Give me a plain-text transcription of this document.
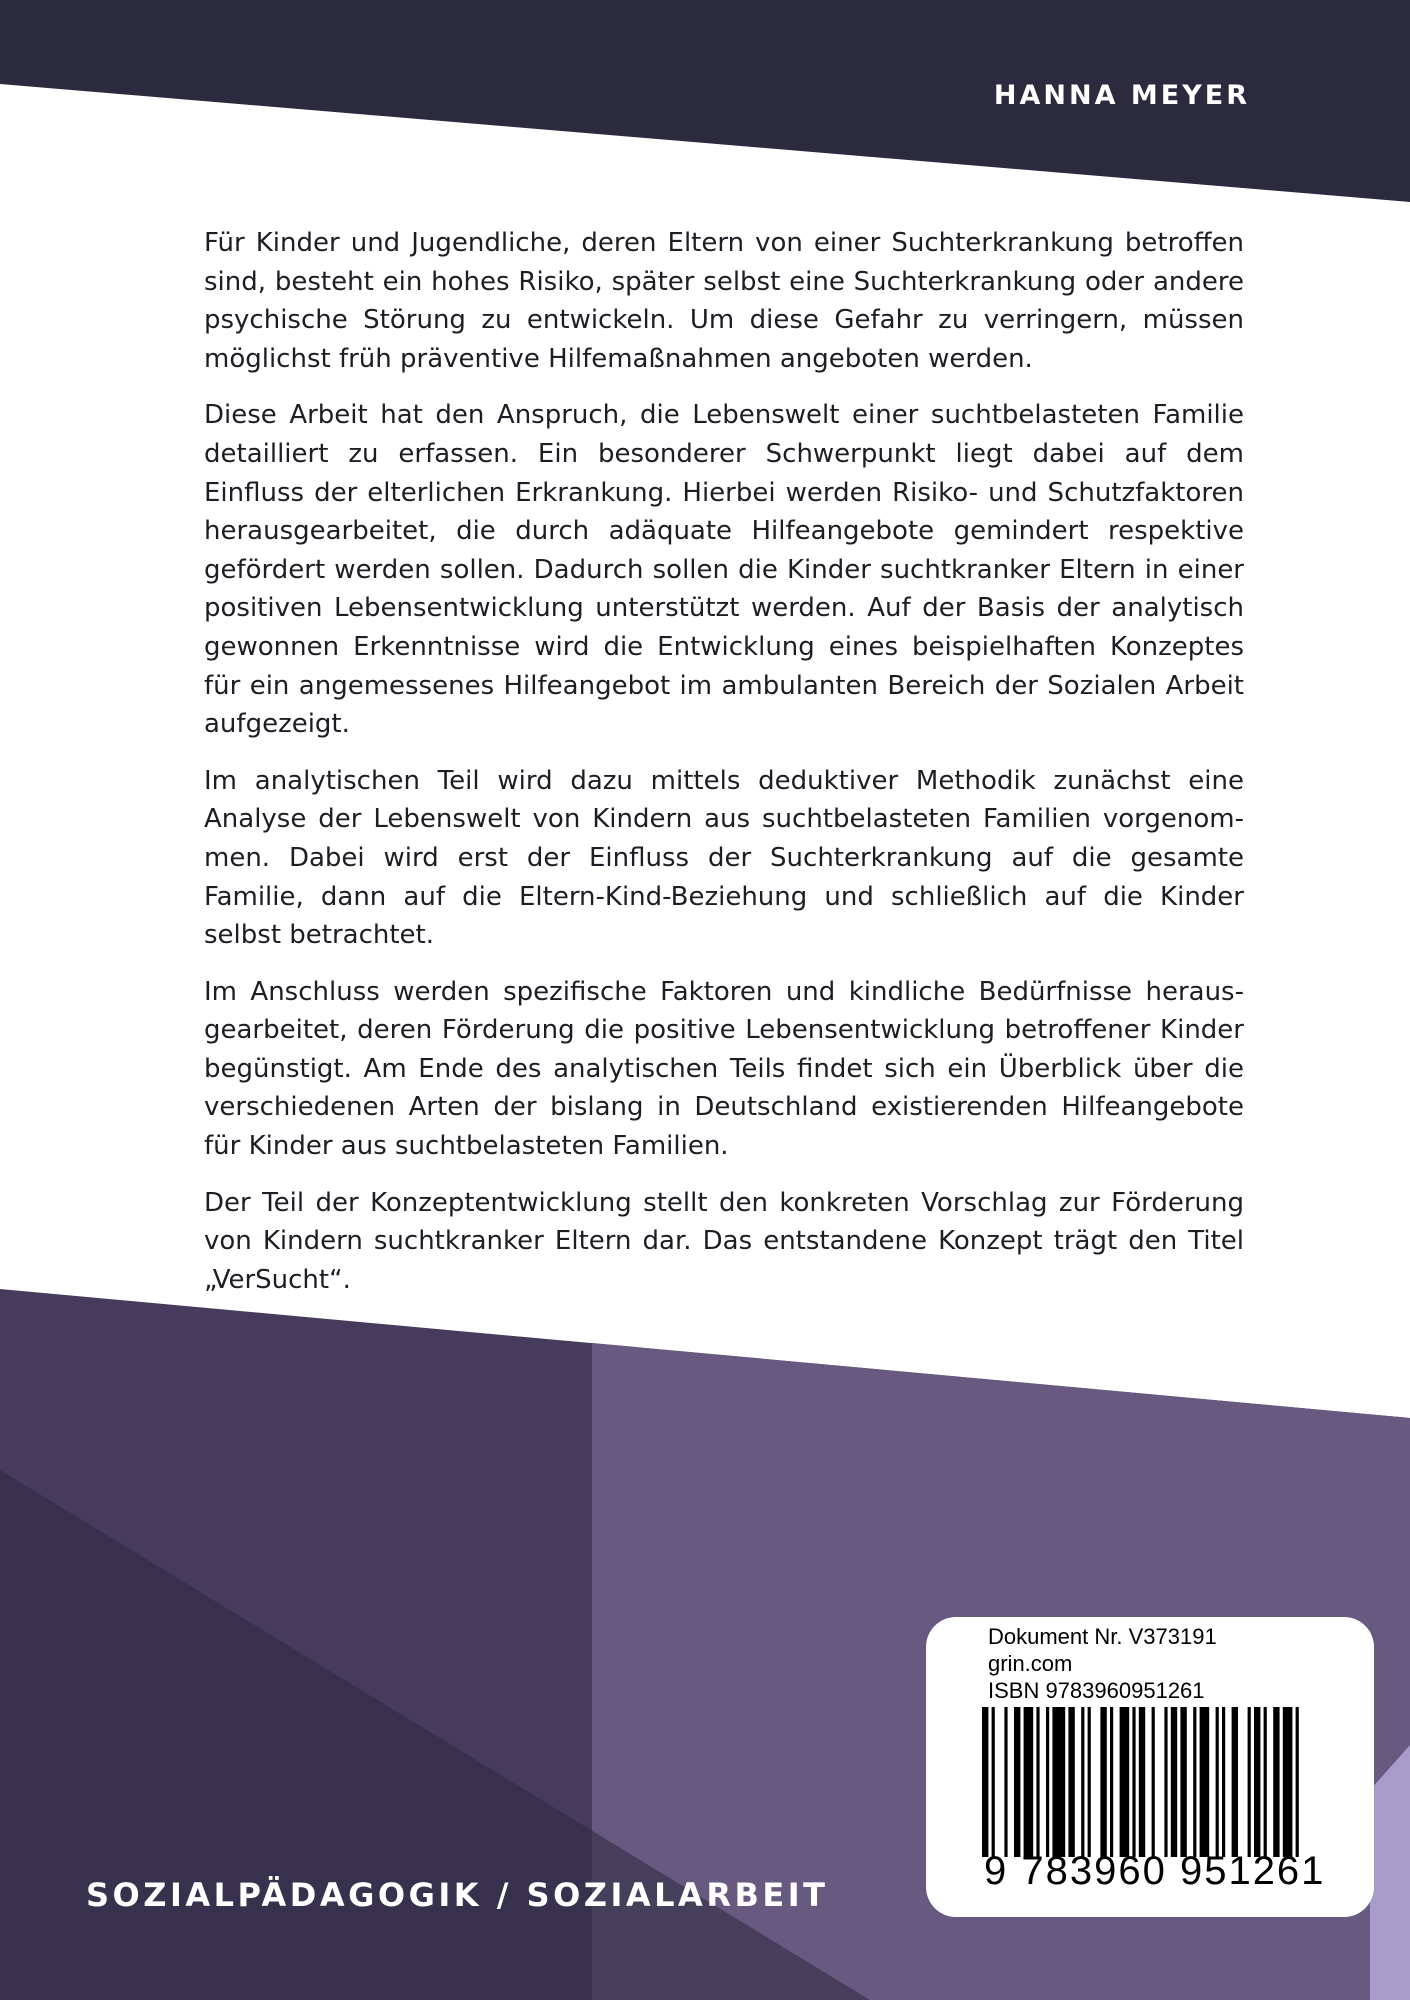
HANNA MEYER

Für Kinder und Jugendliche, deren Eltern von einer Suchterkrankung betroffen sind, besteht ein hohes Risiko, später selbst eine Suchterkrankung oder andere psychische Störung zu entwickeln. Um diese Gefahr zu verringern, müssen möglichst früh präventive Hilfemaßnahmen angeboten werden.

Diese Arbeit hat den Anspruch, die Lebenswelt einer suchtbelasteten Familie detailliert zu erfassen. Ein besonderer Schwerpunkt liegt dabei auf dem Einfluss der elterlichen Erkrankung. Hierbei werden Risiko- und Schutzfaktoren herausgearbeitet, die durch adäquate Hilfeangebote gemindert respektive gefördert werden sollen. Dadurch sollen die Kinder suchtkranker Eltern in einer positiven Lebensentwicklung unterstützt werden. Auf der Basis der analytisch gewonnen Erkenntnisse wird die Entwicklung eines beispielhaften Konzeptes für ein angemessenes Hilfeangebot im ambulanten Bereich der Sozialen Arbeit aufgezeigt.

Im analytischen Teil wird dazu mittels deduktiver Methodik zunächst eine Analyse der Lebenswelt von Kindern aus suchtbelasteten Familien vorgenommen. Dabei wird erst der Einfluss der Suchterkrankung auf die gesamte Familie, dann auf die Eltern-Kind-Beziehung und schließlich auf die Kinder selbst betrachtet.

Im Anschluss werden spezifische Faktoren und kindliche Bedürfnisse herausgearbeitet, deren Förderung die positive Lebensentwicklung betroffener Kinder begünstigt. Am Ende des analytischen Teils findet sich ein Überblick über die verschiedenen Arten der bislang in Deutschland existierenden Hilfeangebote für Kinder aus suchtbelasteten Familien.

Der Teil der Konzeptentwicklung stellt den konkreten Vorschlag zur Förderung von Kindern suchtkranker Eltern dar. Das entstandene Konzept trägt den Titel „VerSucht“.

SOZIALPÄDAGOGIK / SOZIALARBEIT
Dokument Nr. V373191
grin.com
ISBN 9783960951261
9 783960 951261
